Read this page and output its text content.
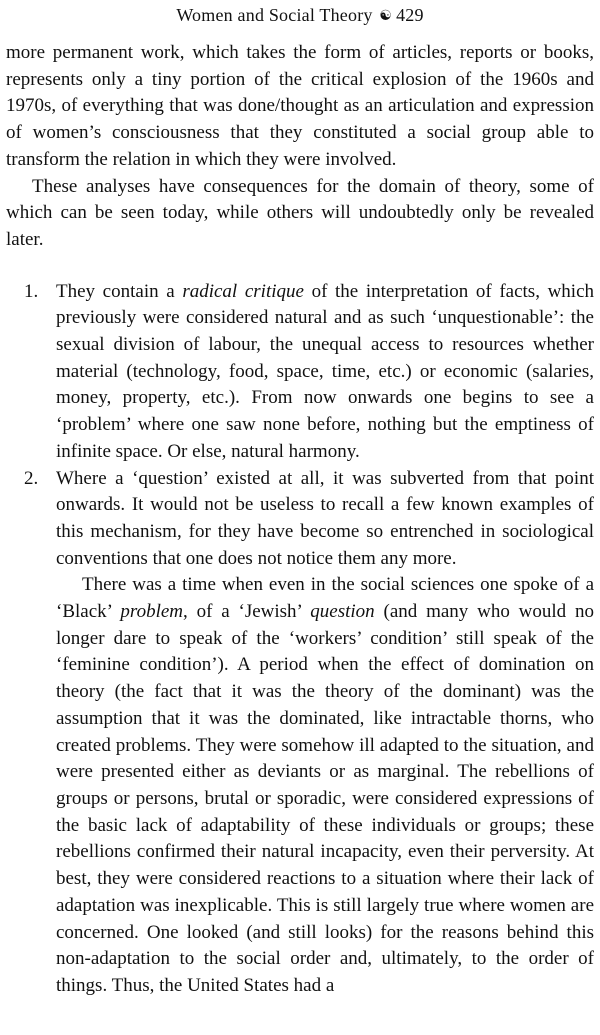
Women and Social Theory ☯ 429

more permanent work, which takes the form of articles, reports or books, represents only a tiny portion of the critical explosion of the 1960s and 1970s, of everything that was done/thought as an articulation and expression of women’s consciousness that they constituted a social group able to transform the relation in which they were involved.

These analyses have consequences for the domain of theory, some of which can be seen today, while others will undoubtedly only be revealed later.

1. They contain a radical critique of the interpretation of facts, which previously were considered natural and as such ‘unquestionable’: the sexual division of labour, the unequal access to resources whether material (technology, food, space, time, etc.) or economic (salaries, money, property, etc.). From now onwards one begins to see a ‘problem’ where one saw none before, nothing but the emptiness of infinite space. Or else, natural harmony.
2. Where a ‘question’ existed at all, it was subverted from that point onwards. It would not be useless to recall a few known examples of this mechanism, for they have become so entrenched in sociological conventions that one does not notice them any more.

There was a time when even in the social sciences one spoke of a ‘Black’ problem, of a ‘Jewish’ question (and many who would no longer dare to speak of the ‘workers’ condition’ still speak of the ‘feminine condition’). A period when the effect of domination on theory (the fact that it was the theory of the dominant) was the assumption that it was the dominated, like intractable thorns, who created problems. They were somehow ill adapted to the situation, and were presented either as deviants or as marginal. The rebellions of groups or persons, brutal or sporadic, were considered expressions of the basic lack of adaptability of these individuals or groups; these rebellions confirmed their natural incapacity, even their perversity. At best, they were considered reactions to a situation where their lack of adaptation was inexplicable. This is still largely true where women are concerned. One looked (and still looks) for the reasons behind this non-adaptation to the social order and, ultimately, to the order of things. Thus, the United States had a
